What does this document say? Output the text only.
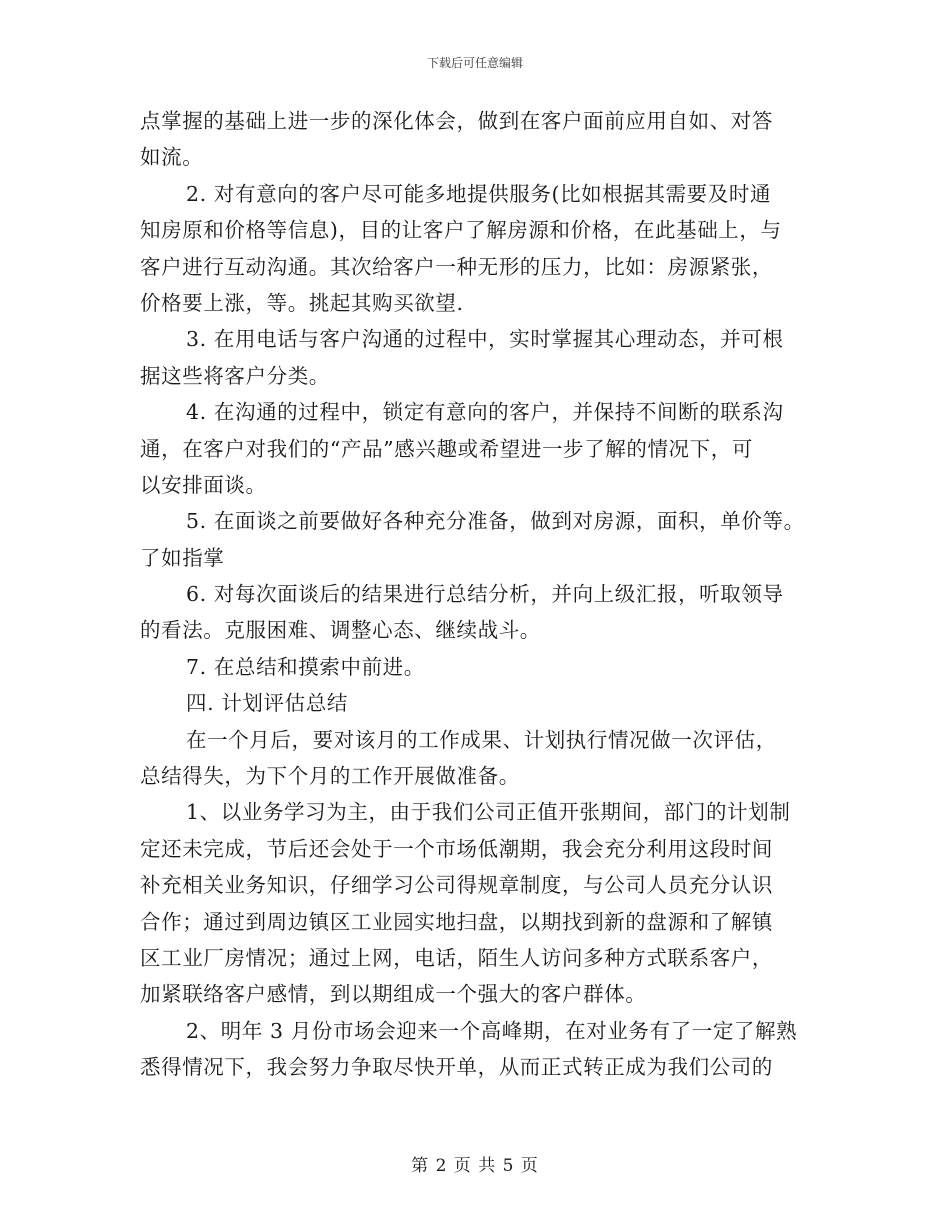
下载后可任意编辑
点掌握的基础上进一步的深化体会，做到在客户面前应用自如、对答
如流。
2. 对有意向的客户尽可能多地提供服务(比如根据其需要及时通
知房原和价格等信息)，目的让客户了解房源和价格，在此基础上，与
客户进行互动沟通。其次给客户一种无形的压力，比如：房源紧张，
价格要上涨，等。挑起其购买欲望.
3. 在用电话与客户沟通的过程中，实时掌握其心理动态，并可根
据这些将客户分类。
4. 在沟通的过程中，锁定有意向的客户，并保持不间断的联系沟
通，在客户对我们的“产品”感兴趣或希望进一步了解的情况下，可
以安排面谈。
5. 在面谈之前要做好各种充分准备，做到对房源，面积，单价等。
了如指掌
6. 对每次面谈后的结果进行总结分析，并向上级汇报，听取领导
的看法。克服困难、调整心态、继续战斗。
7. 在总结和摸索中前进。
四. 计划评估总结
在一个月后，要对该月的工作成果、计划执行情况做一次评估，
总结得失，为下个月的工作开展做准备。
1、以业务学习为主，由于我们公司正值开张期间，部门的计划制
定还未完成，节后还会处于一个市场低潮期，我会充分利用这段时间
补充相关业务知识，仔细学习公司得规章制度，与公司人员充分认识
合作；通过到周边镇区工业园实地扫盘，以期找到新的盘源和了解镇
区工业厂房情况；通过上网，电话，陌生人访问多种方式联系客户，
加紧联络客户感情，到以期组成一个强大的客户群体。
2、明年 3 月份市场会迎来一个高峰期，在对业务有了一定了解熟
悉得情况下，我会努力争取尽快开单，从而正式转正成为我们公司的
第 2 页 共 5 页
